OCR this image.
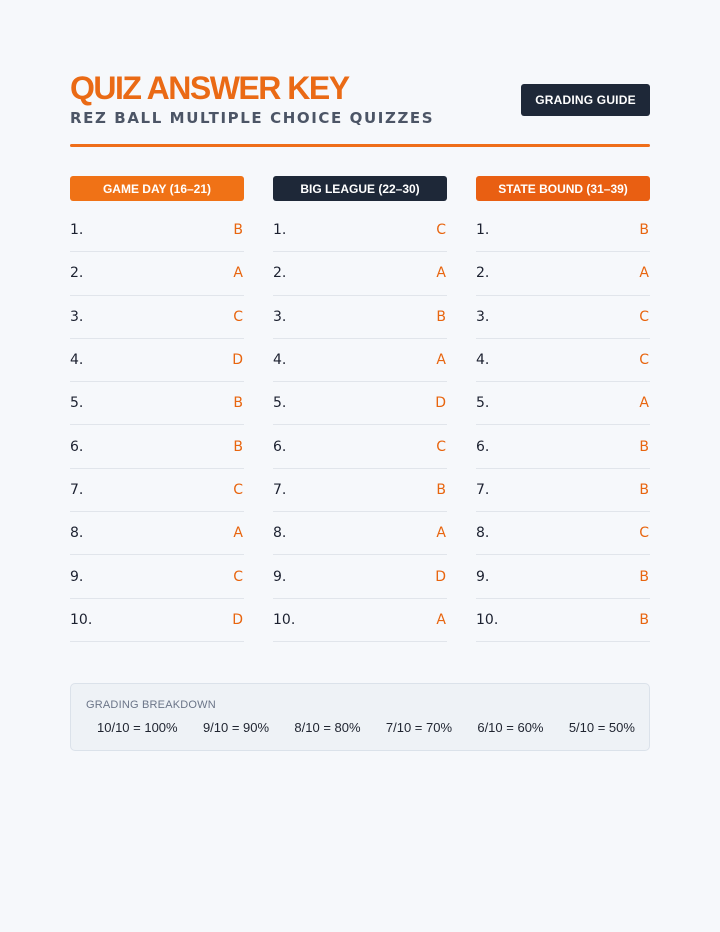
QUIZ ANSWER KEY
REZ BALL MULTIPLE CHOICE QUIZZES
GRADING GUIDE
GAME DAY (16–21)
1.	B
2.	A
3.	C
4.	D
5.	B
6.	B
7.	C
8.	A
9.	C
10.	D
BIG LEAGUE (22–30)
1.	C
2.	A
3.	B
4.	A
5.	D
6.	C
7.	B
8.	A
9.	D
10.	A
STATE BOUND (31–39)
1.	B
2.	A
3.	C
4.	C
5.	A
6.	B
7.	B
8.	C
9.	B
10.	B
GRADING BREAKDOWN
10/10 = 100% 9/10 = 90% 8/10 = 80% 7/10 = 70% 6/10 = 60% 5/10 = 50%
